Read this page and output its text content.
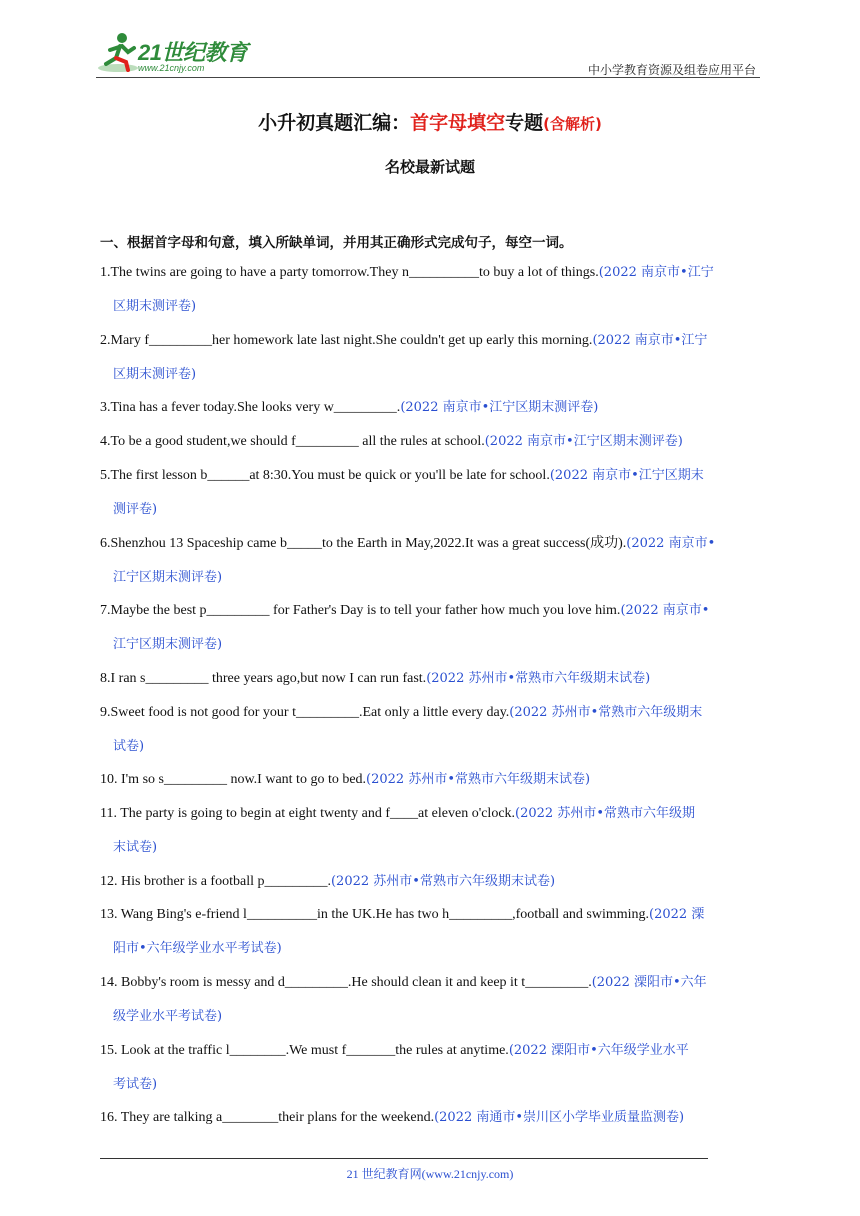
21世纪教育
www.21cnjy.com	中小学教育资源及组卷应用平台
小升初真题汇编：首字母填空专题(含解析)
名校最新试题
一、根据首字母和句意，填入所缺单词，并用其正确形式完成句子，每空一词。
1.The twins are going to have a party tomorrow.They n__________to buy a lot of things.(2022 南京市•江宁
区期末测评卷)
2.Mary f_________her homework late last night.She couldn't get up early this morning.(2022 南京市•江宁
区期末测评卷)
3.Tina has a fever today.She looks very w_________.(2022 南京市•江宁区期末测评卷)
4.To be a good student,we should f_________ all the rules at school.(2022 南京市•江宁区期末测评卷)
5.The first lesson b______at 8:30.You must be quick or you'll be late for school.(2022 南京市•江宁区期末
测评卷)
6.Shenzhou 13 Spaceship came b_____to the Earth in May,2022.It was a great success(成功).(2022 南京市•
江宁区期末测评卷)
7.Maybe the best p_________ for Father's Day is to tell your father how much you love him.(2022 南京市•
江宁区期末测评卷)
8.I ran s_________ three years ago,but now I can run fast.(2022 苏州市•常熟市六年级期末试卷)
9.Sweet food is not good for your t_________.Eat only a little every day.(2022 苏州市•常熟市六年级期末
试卷)
10. I'm so s_________ now.I want to go to bed.(2022 苏州市•常熟市六年级期末试卷)
11. The party is going to begin at eight twenty and f____at eleven o'clock.(2022 苏州市•常熟市六年级期
末试卷)
12. His brother is a football p_________.(2022 苏州市•常熟市六年级期末试卷)
13. Wang Bing's e-friend l__________in the UK.He has two h_________,football and swimming.(2022 溧
阳市•六年级学业水平考试卷)
14. Bobby's room is messy and d_________.He should clean it and keep it t_________.(2022 溧阳市•六年
级学业水平考试卷)
15. Look at the traffic l________.We must f_______the rules at anytime.(2022 溧阳市•六年级学业水平
考试卷)
16. They are talking a________their plans for the weekend.(2022 南通市•崇川区小学毕业质量监测卷)
21 世纪教育网(www.21cnjy.com)
